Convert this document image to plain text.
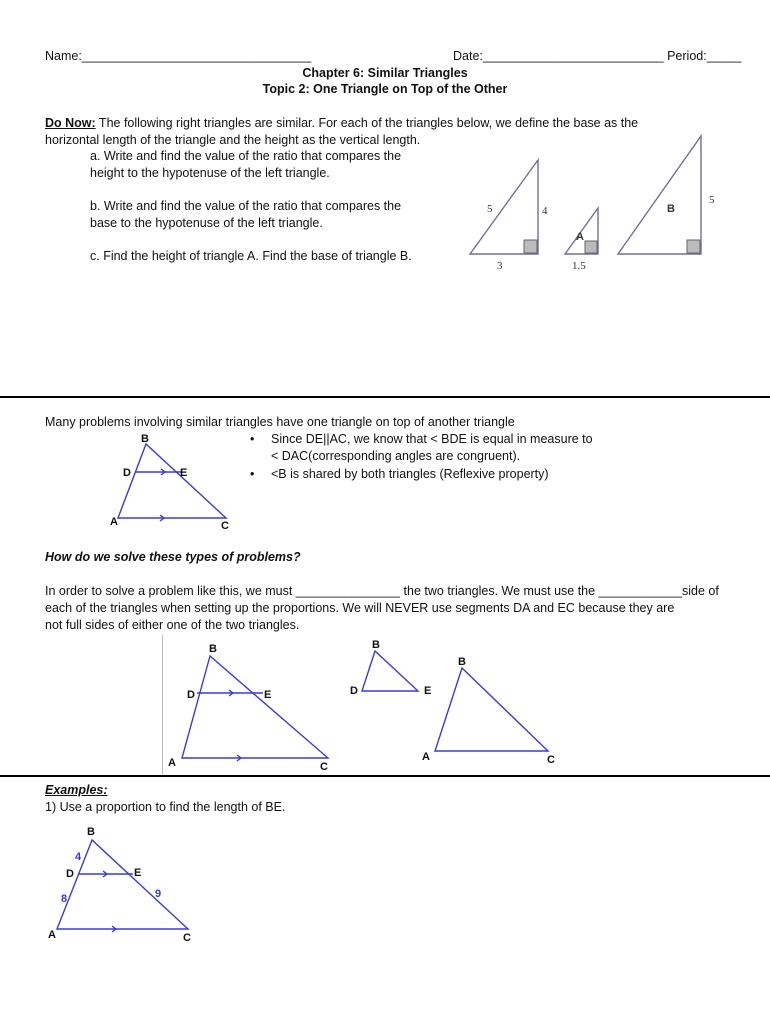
Name:_________________________________	Date:__________________________ Period:_____
Chapter 6: Similar Triangles
Topic 2: One Triangle on Top of the Other
Do Now: The following right triangles are similar. For each of the triangles below, we define the base as the
horizontal length of the triangle and the height as the vertical length.
a. Write and find the value of the ratio that compares the
height to the hypotenuse of the left triangle.
b. Write and find the value of the ratio that compares the
base to the hypotenuse of the left triangle.
c. Find the height of triangle A. Find the base of triangle B.
5	4
3
A
1.5
B
5
Many problems involving similar triangles have one triangle on top of another triangle
• Since DE||AC, we know that < BDE is equal in measure to
< DAC(corresponding angles are congruent).
• <B is shared by both triangles (Reflexive property)
B
D	E
A	C
How do we solve these types of problems?
In order to solve a problem like this, we must _______________ the two triangles. We must use the ____________side of
each of the triangles when setting up the proportions. We will NEVER use segments DA and EC because they are
not full sides of either one of the two triangles.
B
D	E
A	C
B
D	E
B
A	C
Examples:
1) Use a proportion to find the length of BE.
B
D	E
A	C
4
8	9
